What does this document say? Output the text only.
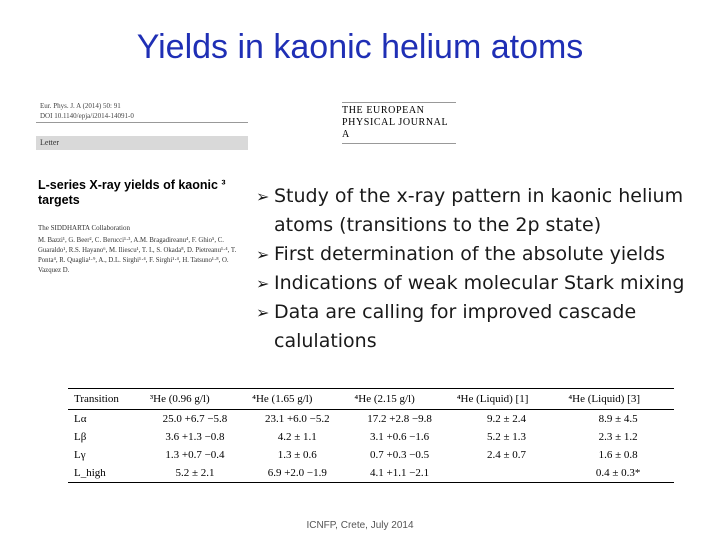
Yields in kaonic helium atoms
Eur. Phys. J. A (2014) 50: 91
DOI 10.1140/epja/i2014-14091-0
Letter
L-series X-ray yields of kaonic ³
targets
The SIDDHARTA Collaboration
M. Bazzi¹, G. Beer², C. Berucci¹·³, A.M. Bragadireanu⁴, F. Ghio⁵, C. Guaraldo¹, R.S. Hayano⁶, M. Iliescu¹, T. I., S. Okada⁸, D. Pietreanu¹·⁴, T. Ponta⁴, R. Quaglia¹·⁹, A., D.L. Sirghi¹·⁴, F. Sirghi¹·⁴, H. Tatsuno¹·⁸, O. Vazquez D.
THE EUROPEAN
PHYSICAL JOURNAL A
➢ Study of the x-ray pattern in kaonic helium atoms (transitions to the 2p state)
➢ First determination of the absolute yields
➢ Indications of weak molecular Stark mixing
➢ Data are calling for improved cascade calulations
Transition	³He (0.96 g/l)	⁴He (1.65 g/l)	⁴He (2.15 g/l)	⁴He (Liquid) [1]	⁴He (Liquid) [3]
Lα	25.0 +6.7 −5.8	23.1 +6.0 −5.2	17.2 +2.8 −9.8	9.2 ± 2.4	8.9 ± 4.5
Lβ	3.6 +1.3 −0.8	4.2 ± 1.1	3.1 +0.6 −1.6	5.2 ± 1.3	2.3 ± 1.2
Lγ	1.3 +0.7 −0.4	1.3 ± 0.6	0.7 +0.3 −0.5	2.4 ± 0.7	1.6 ± 0.8
L_high	5.2 ± 2.1	6.9 +2.0 −1.9	4.1 +1.1 −2.1		0.4 ± 0.3*
ICNFP, Crete, July 2014
